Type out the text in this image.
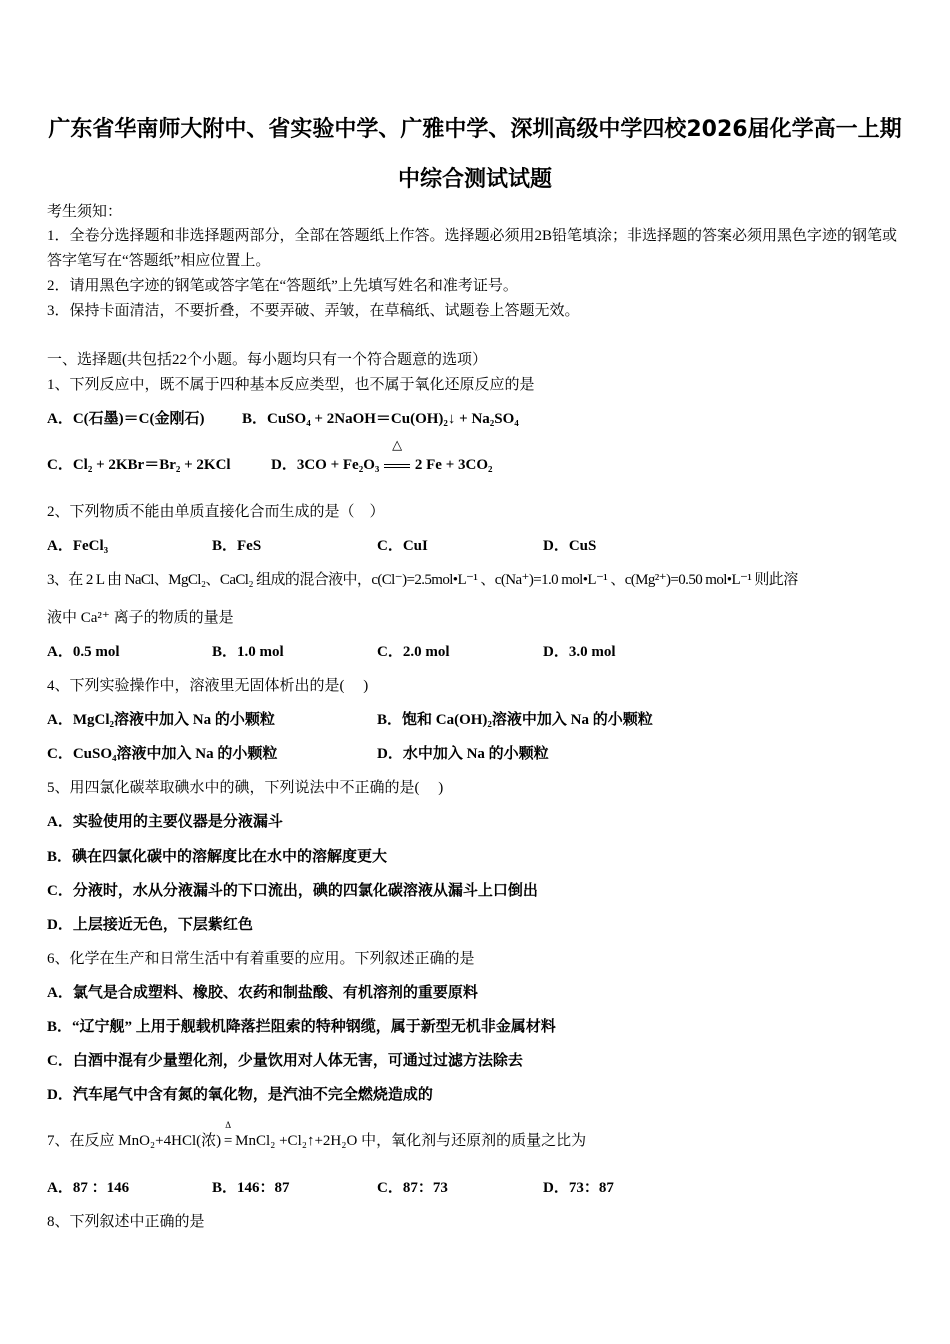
广东省华南师大附中、省实验中学、广雅中学、深圳高级中学四校2026届化学高一上期
中综合测试试题
考生须知：
1．全卷分选择题和非选择题两部分，全部在答题纸上作答。选择题必须用2B铅笔填涂；非选择题的答案必须用黑色字迹的钢笔或答字笔写在“答题纸”相应位置上。
2．请用黑色字迹的钢笔或答字笔在“答题纸”上先填写姓名和准考证号。
3．保持卡面清洁，不要折叠，不要弄破、弄皱，在草稿纸、试题卷上答题无效。
一、选择题(共包括22个小题。每小题均只有一个符合题意的选项）
1、下列反应中，既不属于四种基本反应类型，也不属于氧化还原反应的是
A．C(石墨)＝C(金刚石)	B．CuSO₄ + 2NaOH＝Cu(OH)₂↓ + Na₂SO₄
C．Cl₂ + 2KBr＝Br₂ + 2KCl	D．3CO + Fe₂O₃
△
2 Fe + 3CO₂
2、下列物质不能由单质直接化合而生成的是（　）
A．FeCl₃	B．FeS	C．CuI	D．CuS
3、在 2 L 由 NaCl、MgCl₂、CaCl₂ 组成的混合液中，c(Cl⁻)=2.5mol•L⁻¹ 、c(Na⁺)=1.0 mol•L⁻¹ 、c(Mg²⁺)=0.50 mol•L⁻¹ 则此溶
液中 Ca²⁺ 离子的物质的量是
A．0.5 mol	B．1.0 mol	C．2.0 mol	D．3.0 mol
4、下列实验操作中，溶液里无固体析出的是(　 )
A．MgCl₂溶液中加入 Na 的小颗粒	B．饱和 Ca(OH)₂溶液中加入 Na 的小颗粒
C．CuSO₄溶液中加入 Na 的小颗粒	D．水中加入 Na 的小颗粒
5、用四氯化碳萃取碘水中的碘，下列说法中不正确的是(　 )
A．实验使用的主要仪器是分液漏斗
B．碘在四氯化碳中的溶解度比在水中的溶解度更大
C．分液时，水从分液漏斗的下口流出，碘的四氯化碳溶液从漏斗上口倒出
D．上层接近无色，下层紫红色
6、化学在生产和日常生活中有着重要的应用。下列叙述正确的是
A．氯气是合成塑料、橡胶、农药和制盐酸、有机溶剂的重要原料
B．“辽宁舰” 上用于舰载机降落拦阻索的特种钢缆，属于新型无机非金属材料
C．白酒中混有少量塑化剂，少量饮用对人体无害，可通过过滤方法除去
D．汽车尾气中含有氮的氧化物，是汽油不完全燃烧造成的
7、在反应 MnO₂+4HCl(浓)
Δ
= MnCl₂ +Cl₂↑+2H₂O 中，氧化剂与还原剂的质量之比为
A．87 ：146	B．146：87	C．87：73	D．73：87
8、下列叙述中正确的是
